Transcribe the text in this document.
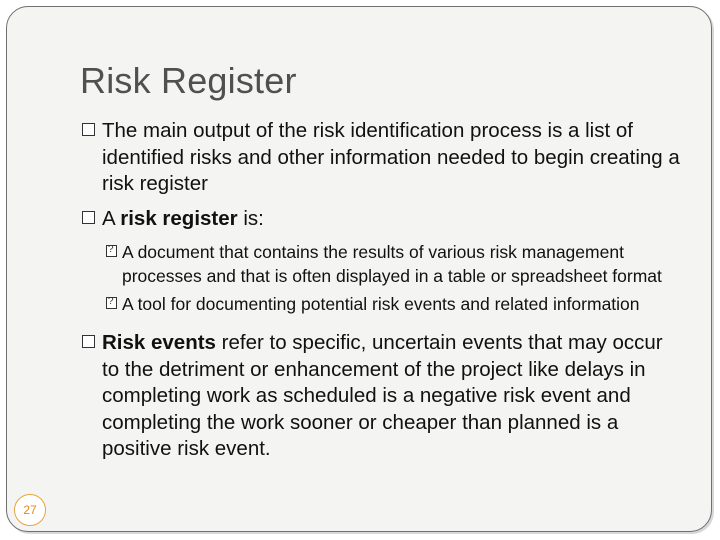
Risk Register

The main output of the risk identification process is a list of identified risks and other information needed to begin creating a risk register

A risk register is:

?
A document that contains the results of various risk management processes and that is often displayed in a table or spreadsheet format

?
A tool for documenting potential risk events and related information

Risk events refer to specific, uncertain events that may occur to the detriment or enhancement of the project like delays in completing work as scheduled is a negative risk event and completing the work sooner or cheaper than planned is a positive risk event.

27
